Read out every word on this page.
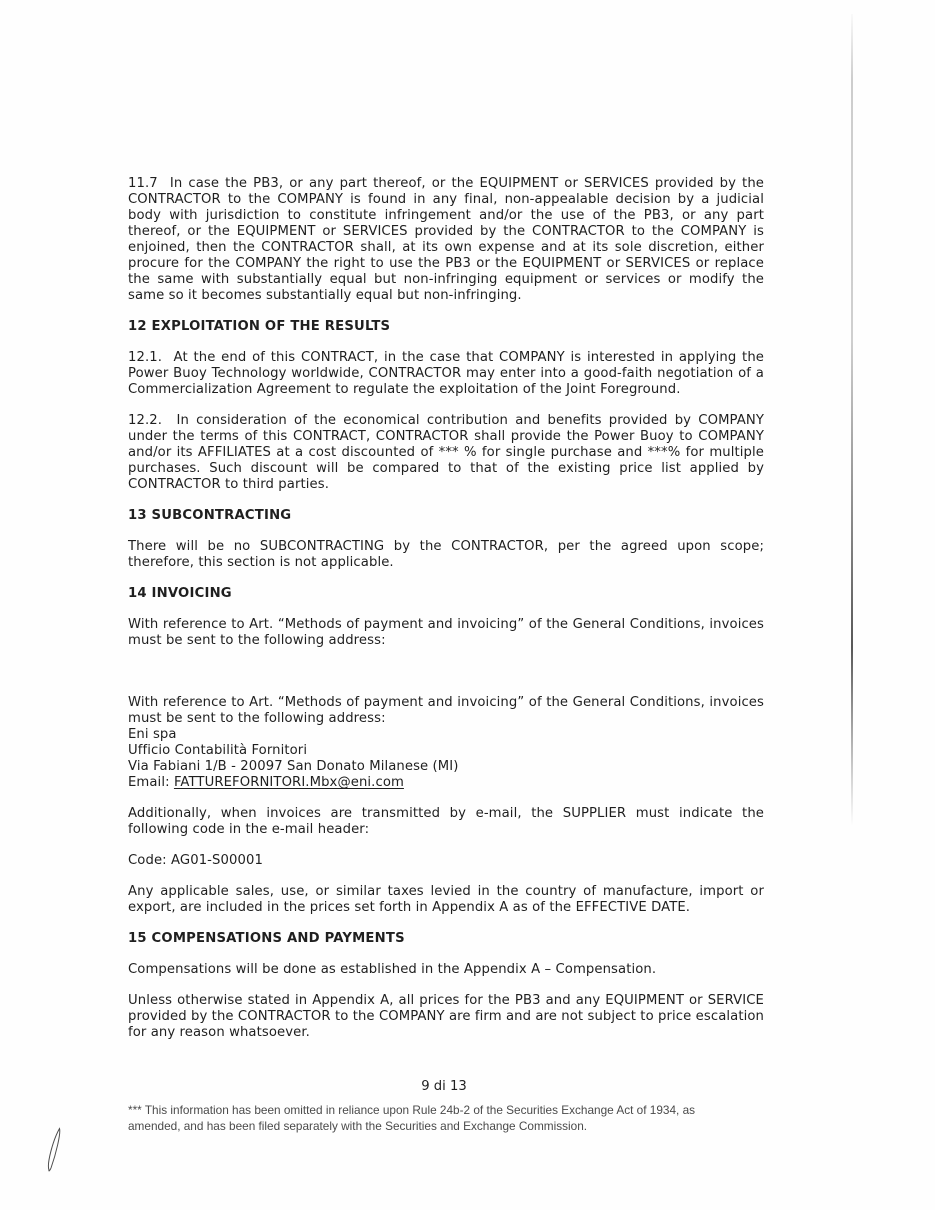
11.7  In case the PB3, or any part thereof, or the EQUIPMENT or SERVICES provided by the CONTRACTOR to the COMPANY is found in any final, non-appealable decision by a judicial body with jurisdiction to constitute infringement and/or the use of the PB3, or any part thereof, or the EQUIPMENT or SERVICES provided by the CONTRACTOR to the COMPANY is enjoined, then the CONTRACTOR shall, at its own expense and at its sole discretion, either procure for the COMPANY the right to use the PB3 or the EQUIPMENT or SERVICES or replace the same with substantially equal but non-infringing equipment or services or modify the same so it becomes substantially equal but non-infringing.

12 EXPLOITATION OF THE RESULTS

12.1.  At the end of this CONTRACT, in the case that COMPANY is interested in applying the Power Buoy Technology worldwide, CONTRACTOR may enter into a good-faith negotiation of a Commercialization Agreement to regulate the exploitation of the Joint Foreground.

12.2.  In consideration of the economical contribution and benefits provided by COMPANY under the terms of this CONTRACT, CONTRACTOR shall provide the Power Buoy to COMPANY and/or its AFFILIATES at a cost discounted of *** % for single purchase and ***% for multiple purchases. Such discount will be compared to that of the existing price list applied by CONTRACTOR to third parties.

13 SUBCONTRACTING

There will be no SUBCONTRACTING by the CONTRACTOR, per the agreed upon scope; therefore, this section is not applicable.

14 INVOICING

With reference to Art. “Methods of payment and invoicing” of the General Conditions, invoices must be sent to the following address:

With reference to Art. “Methods of payment and invoicing” of the General Conditions, invoices must be sent to the following address:

Eni spa
Ufficio Contabilità Fornitori
Via Fabiani 1/B - 20097 San Donato Milanese (MI)
Email: FATTUREFORNITORI.Mbx@eni.com

Additionally, when invoices are transmitted by e-mail, the SUPPLIER must indicate the following code in the e-mail header:

Code: AG01-S00001

Any applicable sales, use, or similar taxes levied in the country of manufacture, import or export, are included in the prices set forth in Appendix A as of the EFFECTIVE DATE.

15 COMPENSATIONS AND PAYMENTS

Compensations will be done as established in the Appendix A – Compensation.

Unless otherwise stated in Appendix A, all prices for the PB3 and any EQUIPMENT or SERVICE provided by the CONTRACTOR to the COMPANY are firm and are not subject to price escalation for any reason whatsoever.

9 di 13

*** This information has been omitted in reliance upon Rule 24b-2 of the Securities Exchange Act of 1934, as amended, and has been filed separately with the Securities and Exchange Commission.
